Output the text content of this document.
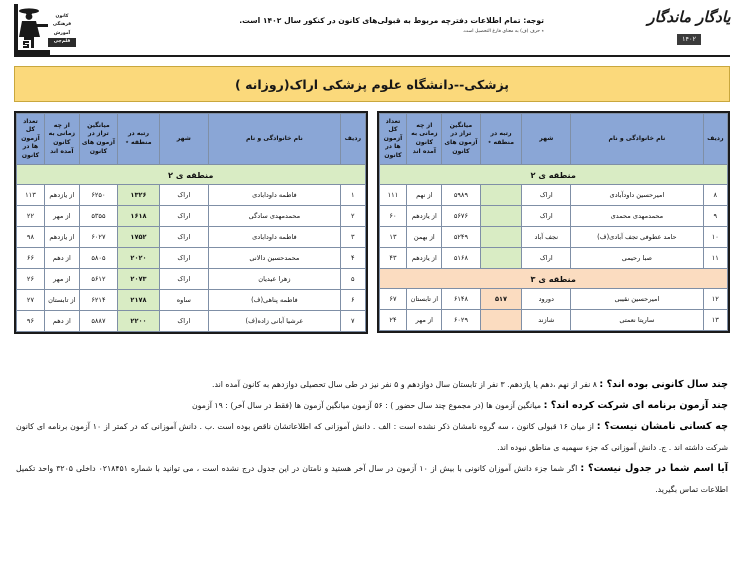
کانون فرهنگی آموزش
قلم‌چی
توجه: تمام اطلاعات دفترچه مربوط به قبولی‌های کانون در کنکور سال ۱۴۰۲ است.
٭ حرف (ف) به معنای فارغ التحصیل است.
یادگار ماندگار
۱۴۰۲
پزشکی--دانشگاه علوم پزشکی اراک(روزانه )
ردیف	نام خانوادگی و نام	شهر	رتبه در منطقه ٭	میانگین تراز در آزمون های کانون	از چه زمانی به کانون آمده اند	تعداد کل آزمون ها در کانون
منطقه ی ۲						
۱	فاطمه داودابادی	اراک	۱۳۲۶	۶۲۵۰	از یازدهم	۱۱۳
۲	محمدمهدی سادگی	اراک	۱۶۱۸	۵۳۵۵	از مهر	۲۲
۳	فاطمه داودابادی	اراک	۱۷۵۲	۶۰۲۷	از یازدهم	۹۸
۴	محمدحسین دالانی	اراک	۲۰۲۰	۵۸۰۵	از دهم	۶۶
۵	زهرا عیدیان	اراک	۲۰۷۳	۵۶۱۲	از مهر	۲۶
۶	فاطمه پناهی(ف)	ساوه	۲۱۷۸	۶۲۱۴	از تابستان	۲۷
۷	عرشیا آبانی زاده(ف)	اراک	۲۲۰۰	۵۸۸۷	از دهم	۹۶
ردیف	نام خانوادگی و نام	شهر	رتبه در منطقه ٭	میانگین تراز در آزمون های کانون	از چه زمانی به کانون آمده اند	تعداد کل آزمون ها در کانون
منطقه ی ۲						
۸	امیرحسین داودآبادی	اراک		۵۹۸۹	از نهم	۱۱۱
۹	محمدمهدی محمدی	اراک		۵۶۷۶	از یازدهم	۶۰
۱۰	حامد عطوفی تجف آبادی(ف)	نجف آباد		۵۲۴۹	از بهمن	۱۳
۱۱	صبا رحیمی	اراک		۵۱۶۸	از یازدهم	۴۳
منطقه ی ۳						
۱۲	امیرحسین نقیبی	دورود	۵۱۷	۶۱۴۸	از تابستان	۶۷
۱۳	ساریتا نعمتی	شازند		۶۰۲۹	از مهر	۲۴
چند سال کانونی بوده اند؟ : ۸ نفر از نهم ،دهم یا یازدهم. ۳ نفر از تابستان سال دوازدهم و ۵ نفر نیز در طی سال تحصیلی دوازدهم به کانون آمده اند.
چند آزمون برنامه ای شرکت کرده اند؟ : میانگین آزمون ها (در مجموع چند سال حضور ) : ۵۶ آزمون میانگین آزمون ها (فقط در سال آخر) : ۱۹ آزمون
چه کسانی نامشان نیست؟ : از میان ۱۶ قبولی کانون ، سه گروه نامشان ذکر نشده است : الف . دانش آموزانی که اطلاعاتشان ناقص بوده است .ب . دانش آموزانی که در کمتر از ۱۰ آزمون برنامه ای کانون شرکت داشته اند . ج. دانش آموزانی که جزء سهمیه ی مناطق نبوده اند.
آیا اسم شما در جدول نیست؟ : اگر شما جزء دانش آموزان کانونی با بیش از ۱۰ آزمون در سال آخر هستید و نامتان در این جدول درج نشده است ، می توانید با شماره ۰۲۱۸۴۵۱ داخلی ۳۲۰۵ واحد تکمیل اطلاعات تماس بگیرید.
